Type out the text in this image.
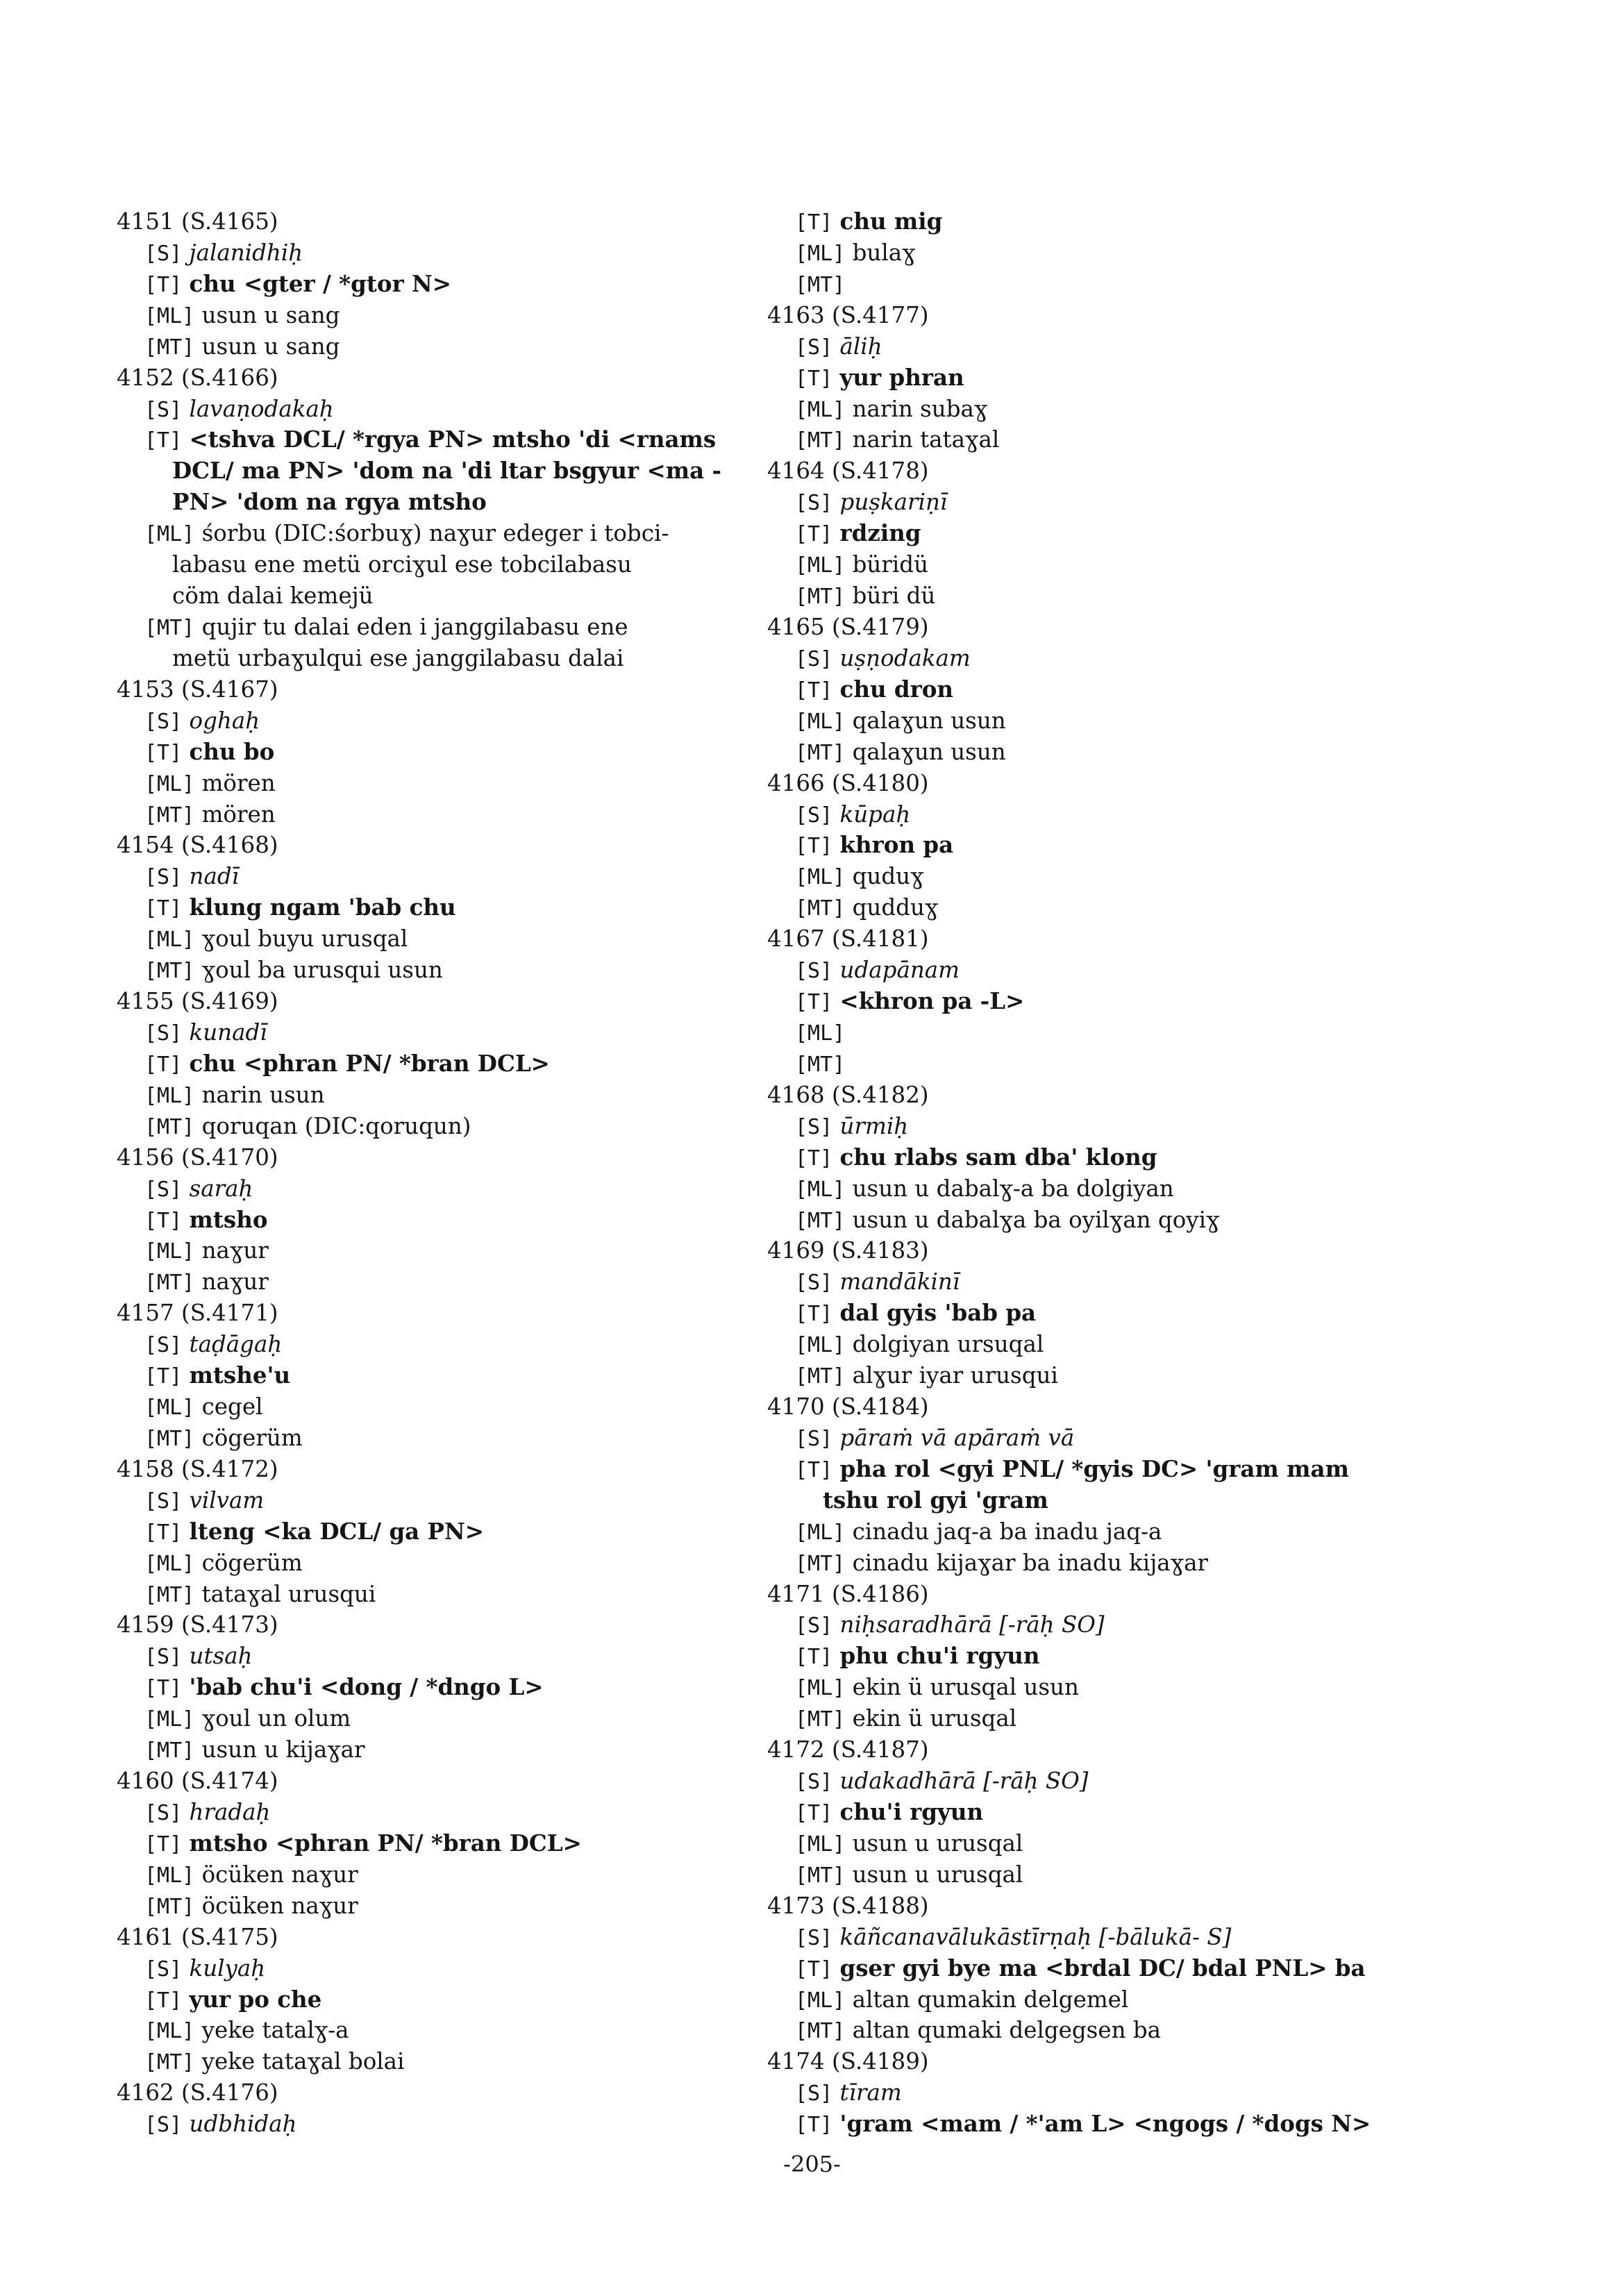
4151 (S.4165)
[S] jalanidhiḥ
[T] chu <gter / *gtor N>
[ML] usun u sang
[MT] usun u sang
4152 (S.4166)
[S] lavaṇodakaḥ
[T] <tshva DCL/ *rgya PN> mtsho 'di <rnams
DCL/ ma PN> 'dom na 'di ltar bsgyur <ma -
PN> 'dom na rgya mtsho
[ML] śorbu (DIC:śorbuɣ) naɣur edeger i tobci-
labasu ene metü orciɣul ese tobcilabasu
cöm dalai kemejü
[MT] qujir tu dalai eden i janggilabasu ene
metü urbaɣulqui ese janggilabasu dalai
4153 (S.4167)
[S] oghaḥ
[T] chu bo
[ML] mören
[MT] mören
4154 (S.4168)
[S] nadī
[T] klung ngam 'bab chu
[ML] ɣoul buyu urusqal
[MT] ɣoul ba urusqui usun
4155 (S.4169)
[S] kunadī
[T] chu <phran PN/ *bran DCL>
[ML] narin usun
[MT] qoruqan (DIC:qoruqun)
4156 (S.4170)
[S] saraḥ
[T] mtsho
[ML] naɣur
[MT] naɣur
4157 (S.4171)
[S] taḍāgaḥ
[T] mtshe'u
[ML] cegel
[MT] cögerüm
4158 (S.4172)
[S] vilvam
[T] lteng <ka DCL/ ga PN>
[ML] cögerüm
[MT] tataɣal urusqui
4159 (S.4173)
[S] utsaḥ
[T] 'bab chu'i <dong / *dngo L>
[ML] ɣoul un olum
[MT] usun u kijaɣar
4160 (S.4174)
[S] hradaḥ
[T] mtsho <phran PN/ *bran DCL>
[ML] öcüken naɣur
[MT] öcüken naɣur
4161 (S.4175)
[S] kulyaḥ
[T] yur po che
[ML] yeke tatalɣ-a
[MT] yeke tataɣal bolai
4162 (S.4176)
[S] udbhidaḥ
[T] chu mig
[ML] bulaɣ
[MT]
4163 (S.4177)
[S] āliḥ
[T] yur phran
[ML] narin subaɣ
[MT] narin tataɣal
4164 (S.4178)
[S] puṣkariṇī
[T] rdzing
[ML] büridü
[MT] büri dü
4165 (S.4179)
[S] uṣṇodakam
[T] chu dron
[ML] qalaɣun usun
[MT] qalaɣun usun
4166 (S.4180)
[S] kūpaḥ
[T] khron pa
[ML] quduɣ
[MT] qudduɣ
4167 (S.4181)
[S] udapānam
[T] <khron pa -L>
[ML]
[MT]
4168 (S.4182)
[S] ūrmiḥ
[T] chu rlabs sam dba' klong
[ML] usun u dabalɣ-a ba dolgiyan
[MT] usun u dabalɣa ba oyilɣan qoyiɣ
4169 (S.4183)
[S] mandākinī
[T] dal gyis 'bab pa
[ML] dolgiyan ursuqal
[MT] alɣur iyar urusqui
4170 (S.4184)
[S] pāraṁ vā apāraṁ vā
[T] pha rol <gyi PNL/ *gyis DC> 'gram mam
tshu rol gyi 'gram
[ML] cinadu jaq-a ba inadu jaq-a
[MT] cinadu kijaɣar ba inadu kijaɣar
4171 (S.4186)
[S] niḥsaradhārā [-rāḥ SO]
[T] phu chu'i rgyun
[ML] ekin ü urusqal usun
[MT] ekin ü urusqal
4172 (S.4187)
[S] udakadhārā [-rāḥ SO]
[T] chu'i rgyun
[ML] usun u urusqal
[MT] usun u urusqal
4173 (S.4188)
[S] kāñcanavālukāstīrṇaḥ [-bālukā- S]
[T] gser gyi bye ma <brdal DC/ bdal PNL> ba
[ML] altan qumakin delgemel
[MT] altan qumaki delgegsen ba
4174 (S.4189)
[S] tīram
[T] 'gram <mam / *'am L> <ngogs / *dogs N>
-205-
